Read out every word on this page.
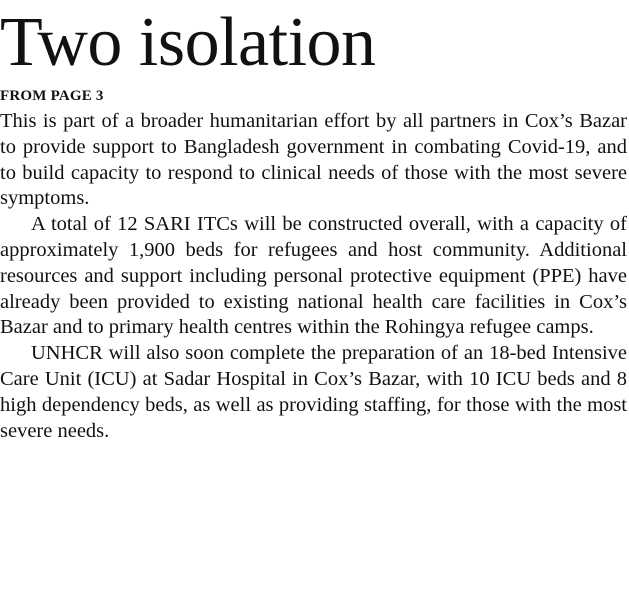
Two isolation
FROM PAGE 3

This is part of a broader humanitarian effort by all partners in Cox’s Bazar to provide support to Bangladesh government in combating Covid-19, and to build capacity to respond to clinical needs of those with the most severe symptoms.

A total of 12 SARI ITCs will be constructed overall, with a capacity of approximately 1,900 beds for refugees and host community. Additional resources and support including personal protective equipment (PPE) have already been provided to existing national health care facilities in Cox’s Bazar and to primary health centres within the Rohingya refugee camps.

UNHCR will also soon complete the preparation of an 18-bed Intensive Care Unit (ICU) at Sadar Hospital in Cox’s Bazar, with 10 ICU beds and 8 high dependency beds, as well as providing staffing, for those with the most severe needs.
